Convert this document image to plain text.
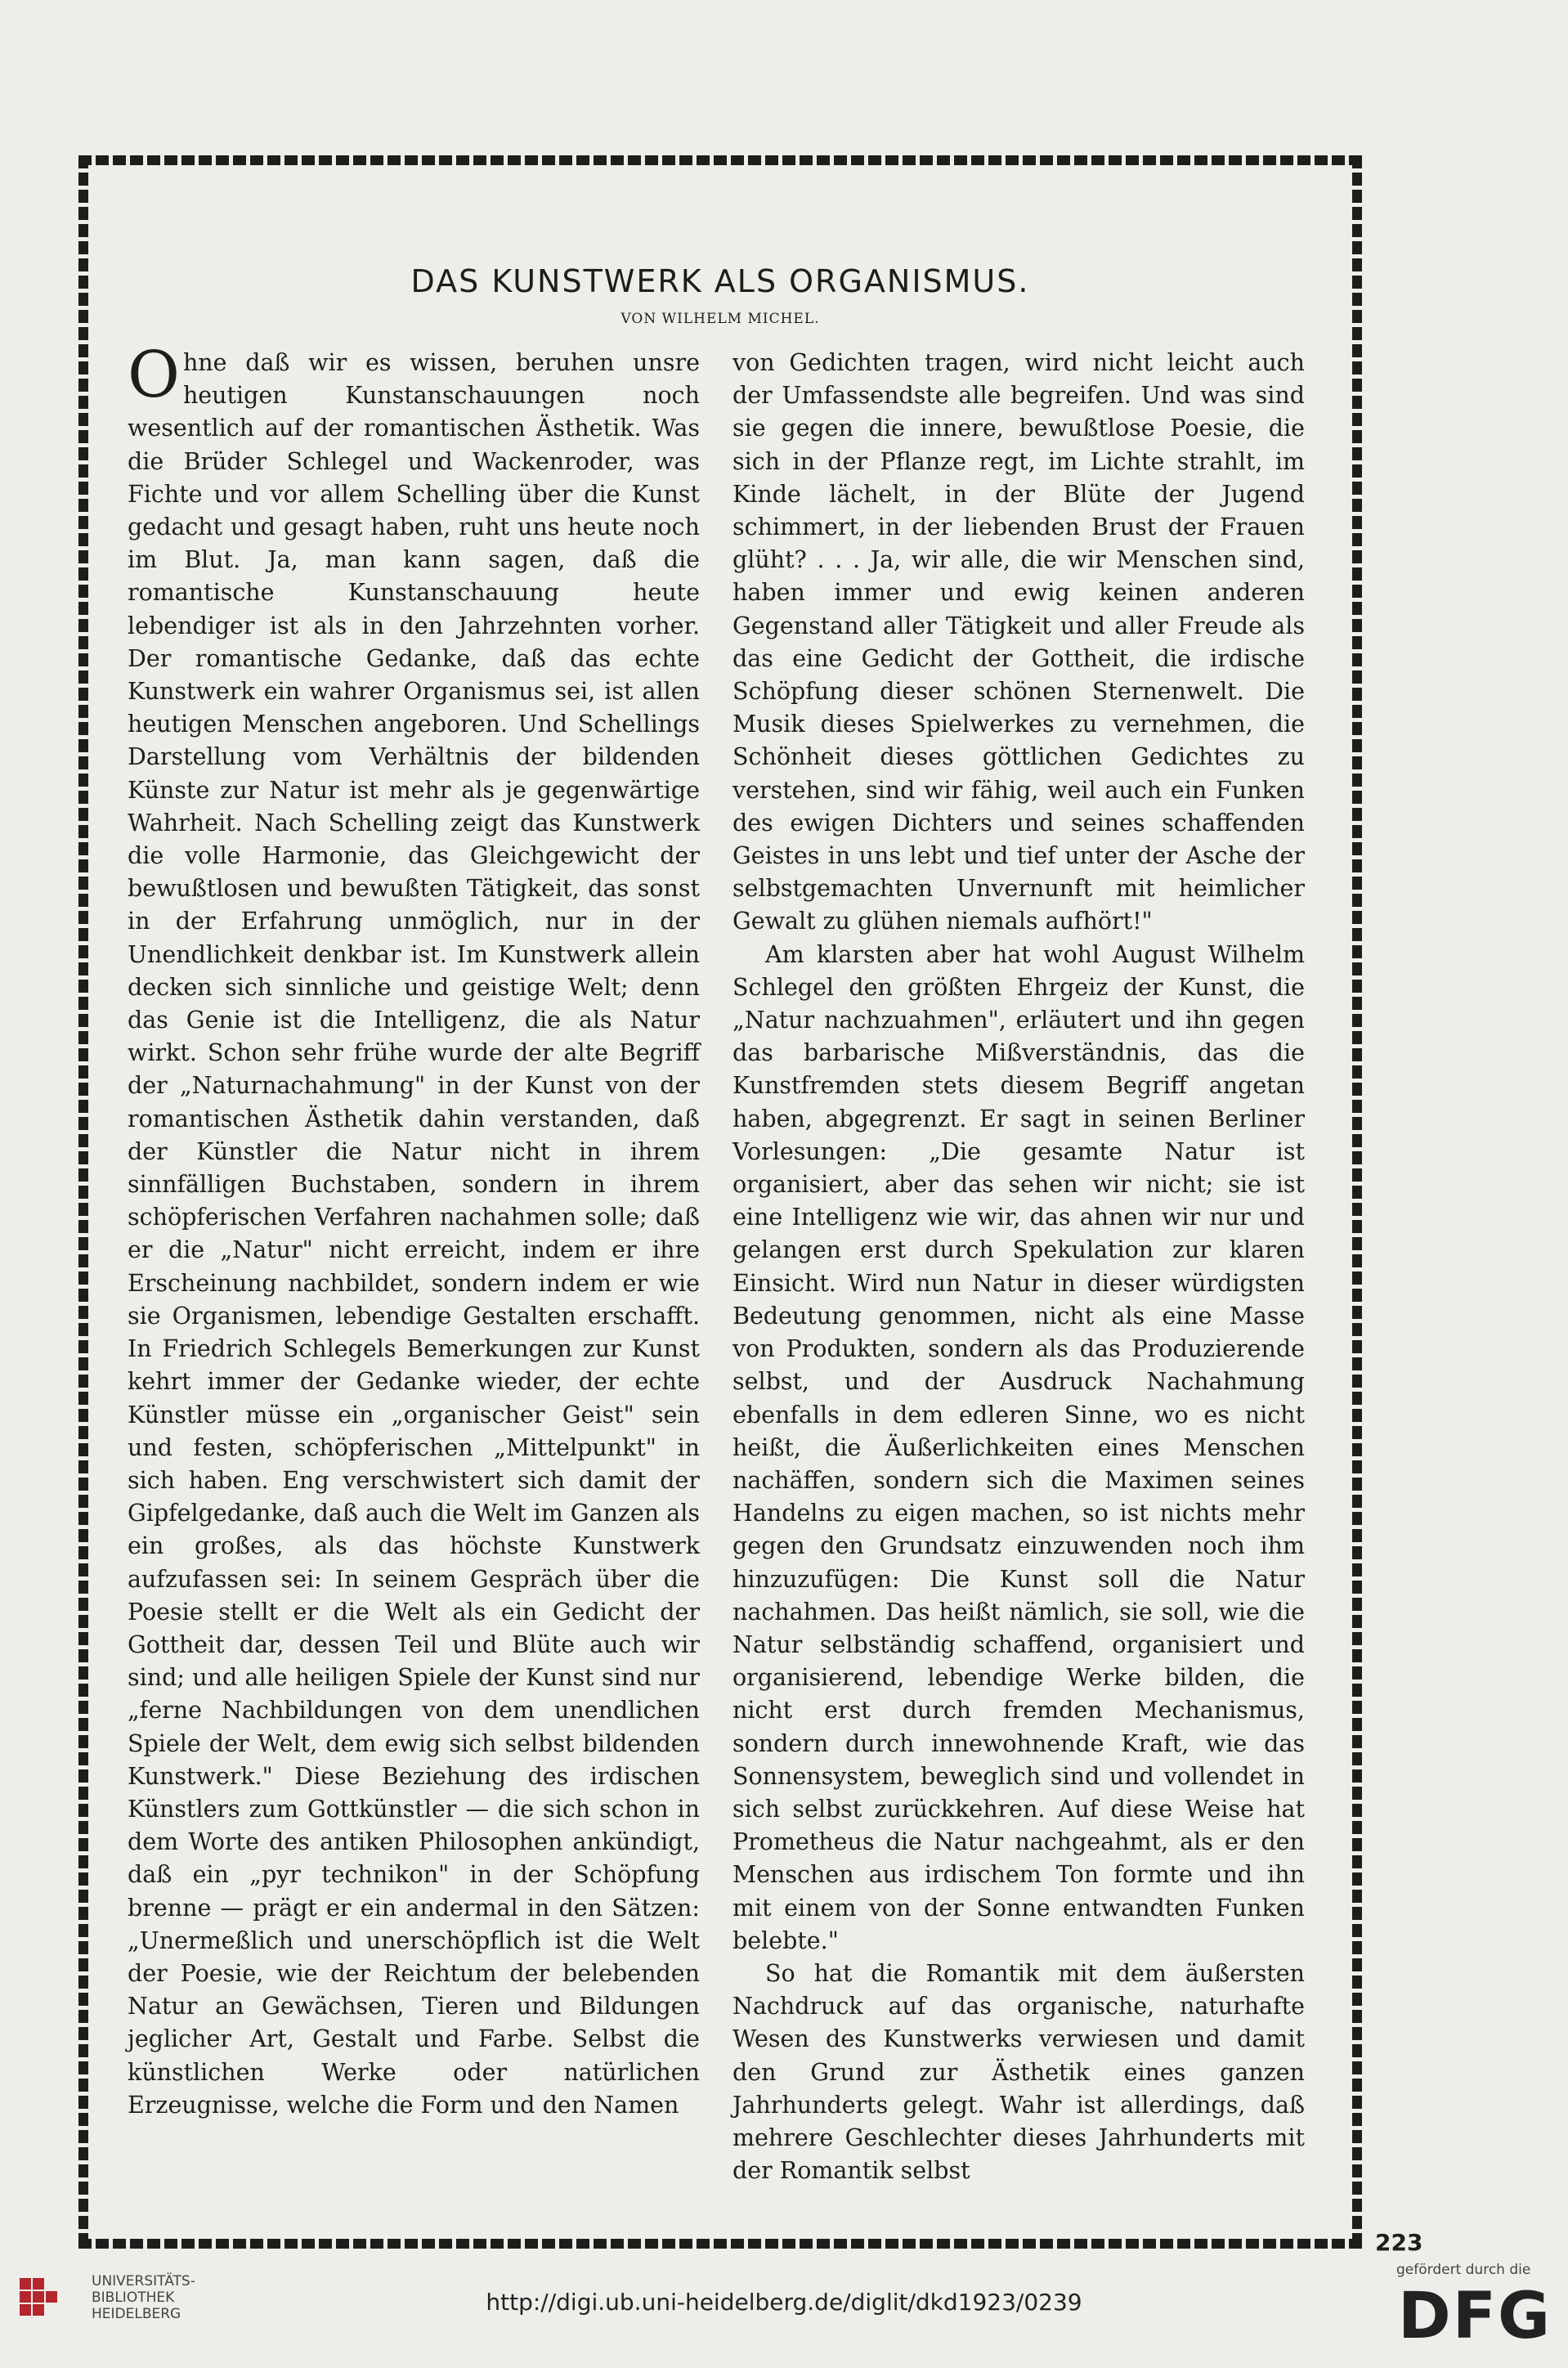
DAS KUNSTWERK ALS ORGANISMUS.

VON WILHELM MICHEL.

Ohne daß wir es wissen, beruhen unsre heutigen Kunstanschauungen noch wesentlich auf der romantischen Ästhetik. Was die Brüder Schlegel und Wackenroder, was Fichte und vor allem Schelling über die Kunst gedacht und gesagt haben, ruht uns heute noch im Blut. Ja, man kann sagen, daß die romantische Kunstanschauung heute lebendiger ist als in den Jahrzehnten vorher. Der romantische Gedanke, daß das echte Kunstwerk ein wahrer Organismus sei, ist allen heutigen Menschen angeboren. Und Schellings Darstellung vom Verhältnis der bildenden Künste zur Natur ist mehr als je gegenwärtige Wahrheit. Nach Schelling zeigt das Kunstwerk die volle Harmonie, das Gleichgewicht der bewußtlosen und bewußten Tätigkeit, das sonst in der Erfahrung unmöglich, nur in der Unendlichkeit denkbar ist. Im Kunstwerk allein decken sich sinnliche und geistige Welt; denn das Genie ist die Intelligenz, die als Natur wirkt. Schon sehr frühe wurde der alte Begriff der „Naturnachahmung" in der Kunst von der romantischen Ästhetik dahin verstanden, daß der Künstler die Natur nicht in ihrem sinnfälligen Buchstaben, sondern in ihrem schöpferischen Verfahren nachahmen solle; daß er die „Natur" nicht erreicht, indem er ihre Erscheinung nachbildet, sondern indem er wie sie Organismen, lebendige Gestalten erschafft. In Friedrich Schlegels Bemerkungen zur Kunst kehrt immer der Gedanke wieder, der echte Künstler müsse ein „organischer Geist" sein und festen, schöpferischen „Mittelpunkt" in sich haben. Eng verschwistert sich damit der Gipfelgedanke, daß auch die Welt im Ganzen als ein großes, als das höchste Kunstwerk aufzufassen sei: In seinem Gespräch über die Poesie stellt er die Welt als ein Gedicht der Gottheit dar, dessen Teil und Blüte auch wir sind; und alle heiligen Spiele der Kunst sind nur „ferne Nachbildungen von dem unendlichen Spiele der Welt, dem ewig sich selbst bildenden Kunstwerk." Diese Beziehung des irdischen Künstlers zum Gottkünstler — die sich schon in dem Worte des antiken Philosophen ankündigt, daß ein „pyr technikon" in der Schöpfung brenne — prägt er ein andermal in den Sätzen: „Unermeßlich und unerschöpflich ist die Welt der Poesie, wie der Reichtum der belebenden Natur an Gewächsen, Tieren und Bildungen jeglicher Art, Gestalt und Farbe. Selbst die künstlichen Werke oder natürlichen Erzeugnisse, welche die Form und den Namen

von Gedichten tragen, wird nicht leicht auch der Umfassendste alle begreifen. Und was sind sie gegen die innere, bewußtlose Poesie, die sich in der Pflanze regt, im Lichte strahlt, im Kinde lächelt, in der Blüte der Jugend schimmert, in der liebenden Brust der Frauen glüht? . . . Ja, wir alle, die wir Menschen sind, haben immer und ewig keinen anderen Gegenstand aller Tätigkeit und aller Freude als das eine Gedicht der Gottheit, die irdische Schöpfung dieser schönen Sternenwelt. Die Musik dieses Spielwerkes zu vernehmen, die Schönheit dieses göttlichen Gedichtes zu verstehen, sind wir fähig, weil auch ein Funken des ewigen Dichters und seines schaffenden Geistes in uns lebt und tief unter der Asche der selbstgemachten Unvernunft mit heimlicher Gewalt zu glühen niemals aufhört!"

Am klarsten aber hat wohl August Wilhelm Schlegel den größten Ehrgeiz der Kunst, die „Natur nachzuahmen", erläutert und ihn gegen das barbarische Mißverständnis, das die Kunstfremden stets diesem Begriff angetan haben, abgegrenzt. Er sagt in seinen Berliner Vorlesungen: „Die gesamte Natur ist organisiert, aber das sehen wir nicht; sie ist eine Intelligenz wie wir, das ahnen wir nur und gelangen erst durch Spekulation zur klaren Einsicht. Wird nun Natur in dieser würdigsten Bedeutung genommen, nicht als eine Masse von Produkten, sondern als das Produzierende selbst, und der Ausdruck Nachahmung ebenfalls in dem edleren Sinne, wo es nicht heißt, die Äußerlichkeiten eines Menschen nachäffen, sondern sich die Maximen seines Handelns zu eigen machen, so ist nichts mehr gegen den Grundsatz einzuwenden noch ihm hinzuzufügen: Die Kunst soll die Natur nachahmen. Das heißt nämlich, sie soll, wie die Natur selbständig schaffend, organisiert und organisierend, lebendige Werke bilden, die nicht erst durch fremden Mechanismus, sondern durch innewohnende Kraft, wie das Sonnensystem, beweglich sind und vollendet in sich selbst zurückkehren. Auf diese Weise hat Prometheus die Natur nachgeahmt, als er den Menschen aus irdischem Ton formte und ihn mit einem von der Sonne entwandten Funken belebte."

So hat die Romantik mit dem äußersten Nachdruck auf das organische, naturhafte Wesen des Kunstwerks verwiesen und damit den Grund zur Ästhetik eines ganzen Jahrhunderts gelegt. Wahr ist allerdings, daß mehrere Geschlechter dieses Jahrhunderts mit der Romantik selbst

223
UNIVERSITÄTS-
BIBLIOTHEK
HEIDELBERG	http://digi.ub.uni-heidelberg.de/diglit/dkd1923/0239
gefördert durch die
DFG
